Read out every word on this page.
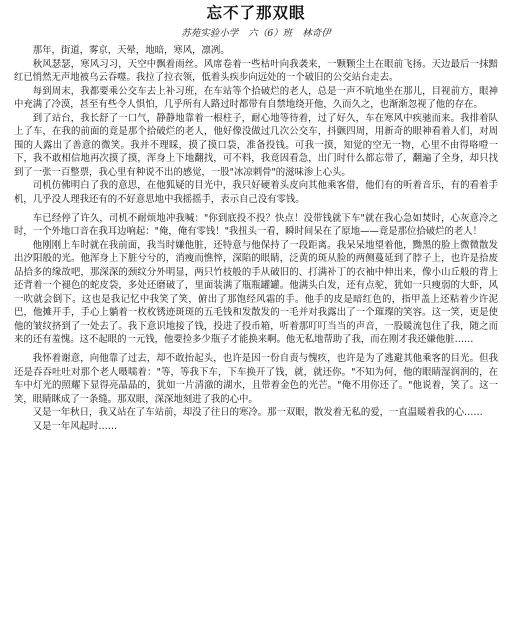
忘不了那双眼
苏苑实验小学 六（6）班 林奇伊

那年，街道，雾京，天晕，地暗，寒风，凛冽。

秋风瑟瑟，寒风习习，天空中飘着雨丝。风席卷着一些枯叶向我袭来，一颗颗尘土在眼前飞扬。天边最后一抹黯红已悄然无声地被乌云吞噬。我拉了拉衣领，低着头疾步向远处的一个破旧的公交站台走去。

每到周末，我都要乘公交车去上补习班，在车站等个拾破烂的老人，总是一声不吭地坐在那儿，目视前方，眼神中充满了冷漠，甚至有些令人惧怕，几乎所有人路过时都带有自禁地绕开他，久而久之，也渐渐忽视了他的存在。

到了站台，我长舒了一口气，静静地靠着一根柱子，耐心地等待着，过了好久，车在寒风中疾驰而来。我排着队上了车，在我的前面的竟是那个拾破烂的老人，他好像没做过几次公交车，抖颤四周，用新奇的眼神看着人们，对周围的人露出了善意的微笑。我并不理睬，摸了摸口袋，准备投钱。可我一摸，知觉的空无一物，心里不由得咯噔一下，我不敢相信地再次摸了摸，浑身上下地翻找，可不料，我竟因看急，出门时什么都忘带了，翻遍了全身，却只找到了一张一百整票，我心里有种说不出的感觉，一股"冰凉刺骨"的滋味渗上心头。

司机仿佛明白了我的意思，在他狐疑的目光中，我只好硬着头皮向其他乘客借，他们有的听着音乐，有的看着手机，几乎没人理我还有的不好意思地中我摇摇手，表示自己没有零钱。

车已经停了许久，司机不耐烦地冲我喊："你到底投不投？快点！没带钱就下车"就在我心急如焚时，心灰意冷之时，一个外地口音在我耳边响起："俺，俺有零钱！"我扭头一看，瞬时间呆在了原地——竟是那位拾破烂的老人！

他刚刚上车时就在我前面，我当时嫌他脏，还特意与他保持了一段距离。我呆呆地望着他，黝黑的脸上微微散发出汐阳般的光。他浑身上下脏兮兮的，消瘦而憔悴，深陷的眼睛，泛黄的斑从脸的两侧蔓延到了脖子上，也许是拾废品拾多的缘故吧，那深深的颈纹分外明显，两只竹枝般的手从破旧的、打满补丁的衣袖中伸出来，像小山丘般的背上还背着一个褪色的蛇皮袋，多处还磨破了，里面装满了瓶瓶罐罐。他满头白发，还有点驼，犹如一只瘦弱的大虾，风一吹就会倒下。这也是我记忆中我笑了笑，俯出了那饱经风霜的手。他手的皮是暗红色的，指甲盖上还粘着少许泥巴，他摊开手，手心上躺着一枚枚锈迹斑斑的五毛钱和发散发的一毛并对我露出了一个璀璨的笑容。这一笑，更是使他的皱纹挤到了一处去了。我下意识地接了钱，投进了投币箱，听着那叮叮当当的声音，一股暖流包住了我，随之而来的还有羞愧。这不起眼的一元钱，他要捡多少瓶子才能换来啊。他无私地帮助了我，而在刚才我还嫌他脏……

我怀着谢意，向他靠了过去，却不敢抬起头，也许是因一份自责与愧疚，也许是为了逃避其他乘客的目光。但我还是吞吞吐吐对那个老人嗫嚅着："等，等我下车，下车换开了钱，就，就还你。"不知为何，他的眼睛湿润润的，在车中灯光的照耀下显得亮晶晶的，犹如一片清澈的湖水，且带着金色的光芒。"俺不用你还了。"他说着，笑了。这一笑，眼睛眯成了一条缝。那双眼，深深地刻进了我的心中。

又是一年秋日，我又站在了车站前，却没了往日的寒冷。那一双眼，散发着无私的爱，一直温暖着我的心……

又是一年风起时……
